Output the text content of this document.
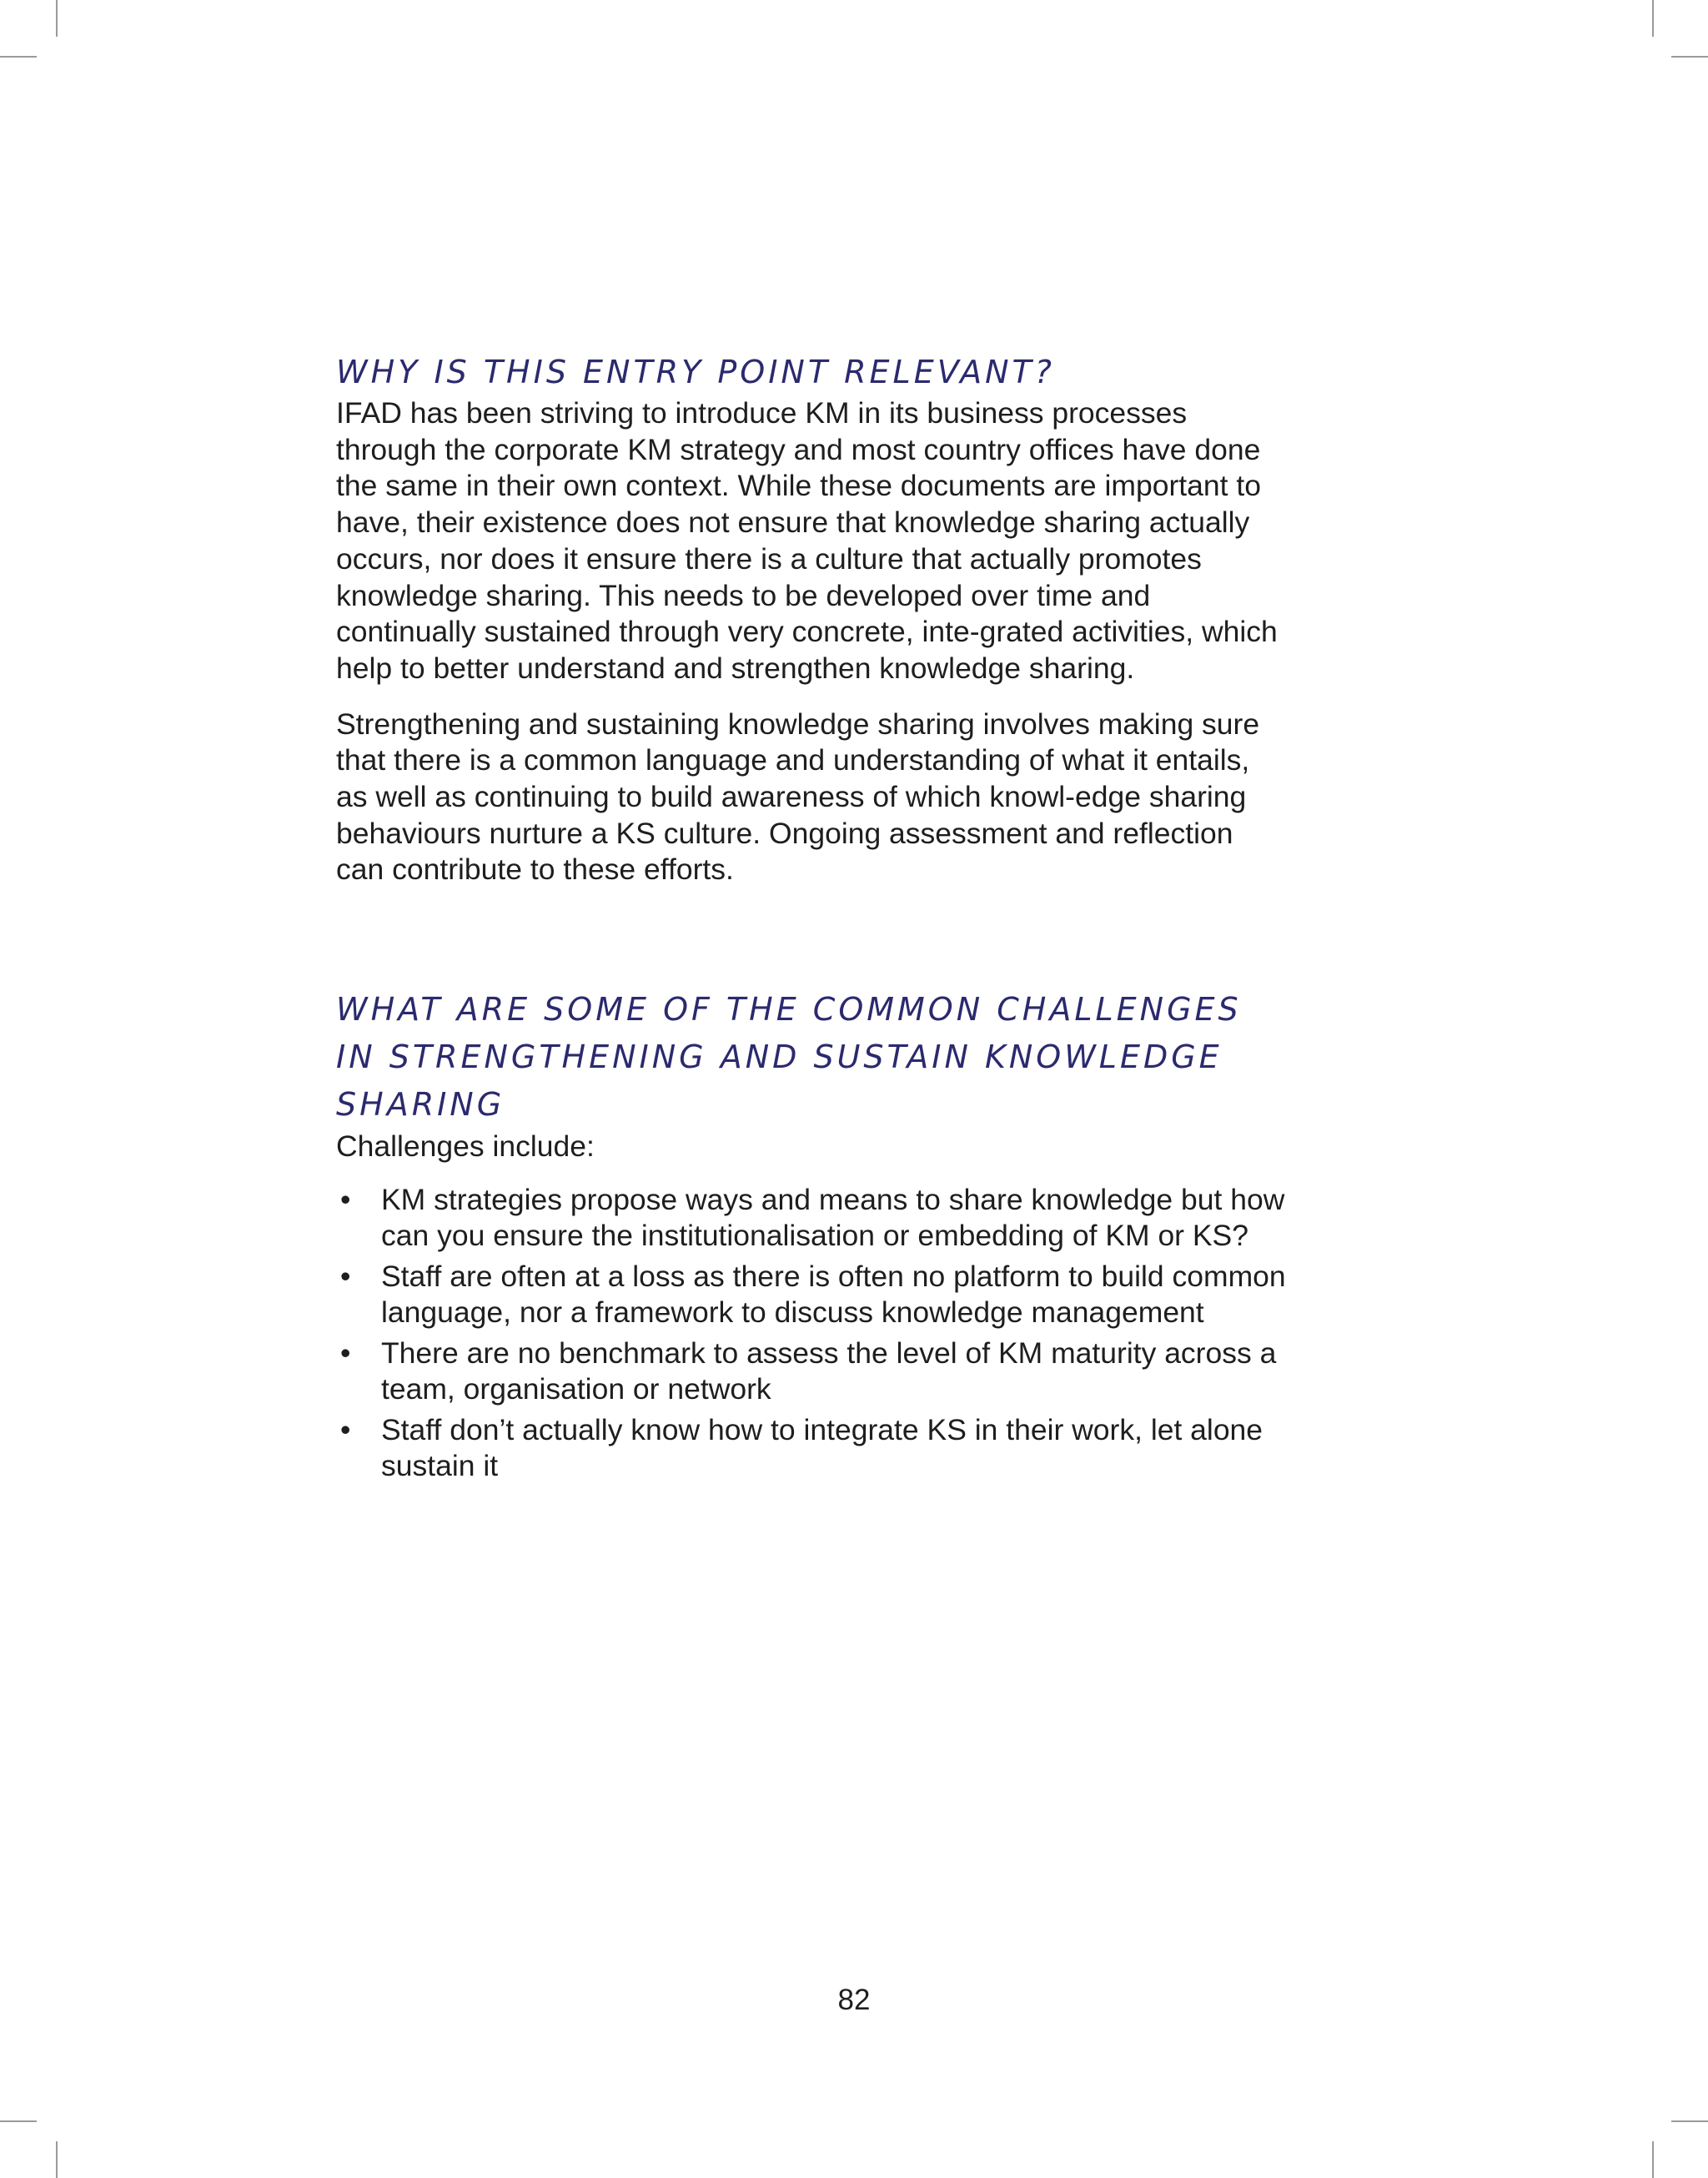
WHY IS THIS ENTRY POINT RELEVANT?

IFAD has been striving to introduce KM in its business processes through the corporate KM strategy and most country offices have done the same in their own context. While these documents are important to have, their existence does not ensure that knowledge sharing actually occurs, nor does it ensure there is a culture that actually promotes knowledge sharing. This needs to be developed over time and continually sustained through very concrete, inte-grated activities, which help to better understand and strengthen knowledge sharing.

Strengthening and sustaining knowledge sharing involves making sure that there is a common language and understanding of what it entails, as well as continuing to build awareness of which knowl-edge sharing behaviours nurture a KS culture. Ongoing assessment and reflection can contribute to these efforts.

WHAT ARE SOME OF THE COMMON CHALLENGES
IN STRENGTHENING AND SUSTAIN KNOWLEDGE
SHARING

Challenges include:

• KM strategies propose ways and means to share knowledge but how can you ensure the institutionalisation or embedding of KM or KS?
• Staff are often at a loss as there is often no platform to build common language, nor a framework to discuss knowledge management
• There are no benchmark to assess the level of KM maturity across a team, organisation or network
• Staff don’t actually know how to integrate KS in their work, let alone sustain it
82
